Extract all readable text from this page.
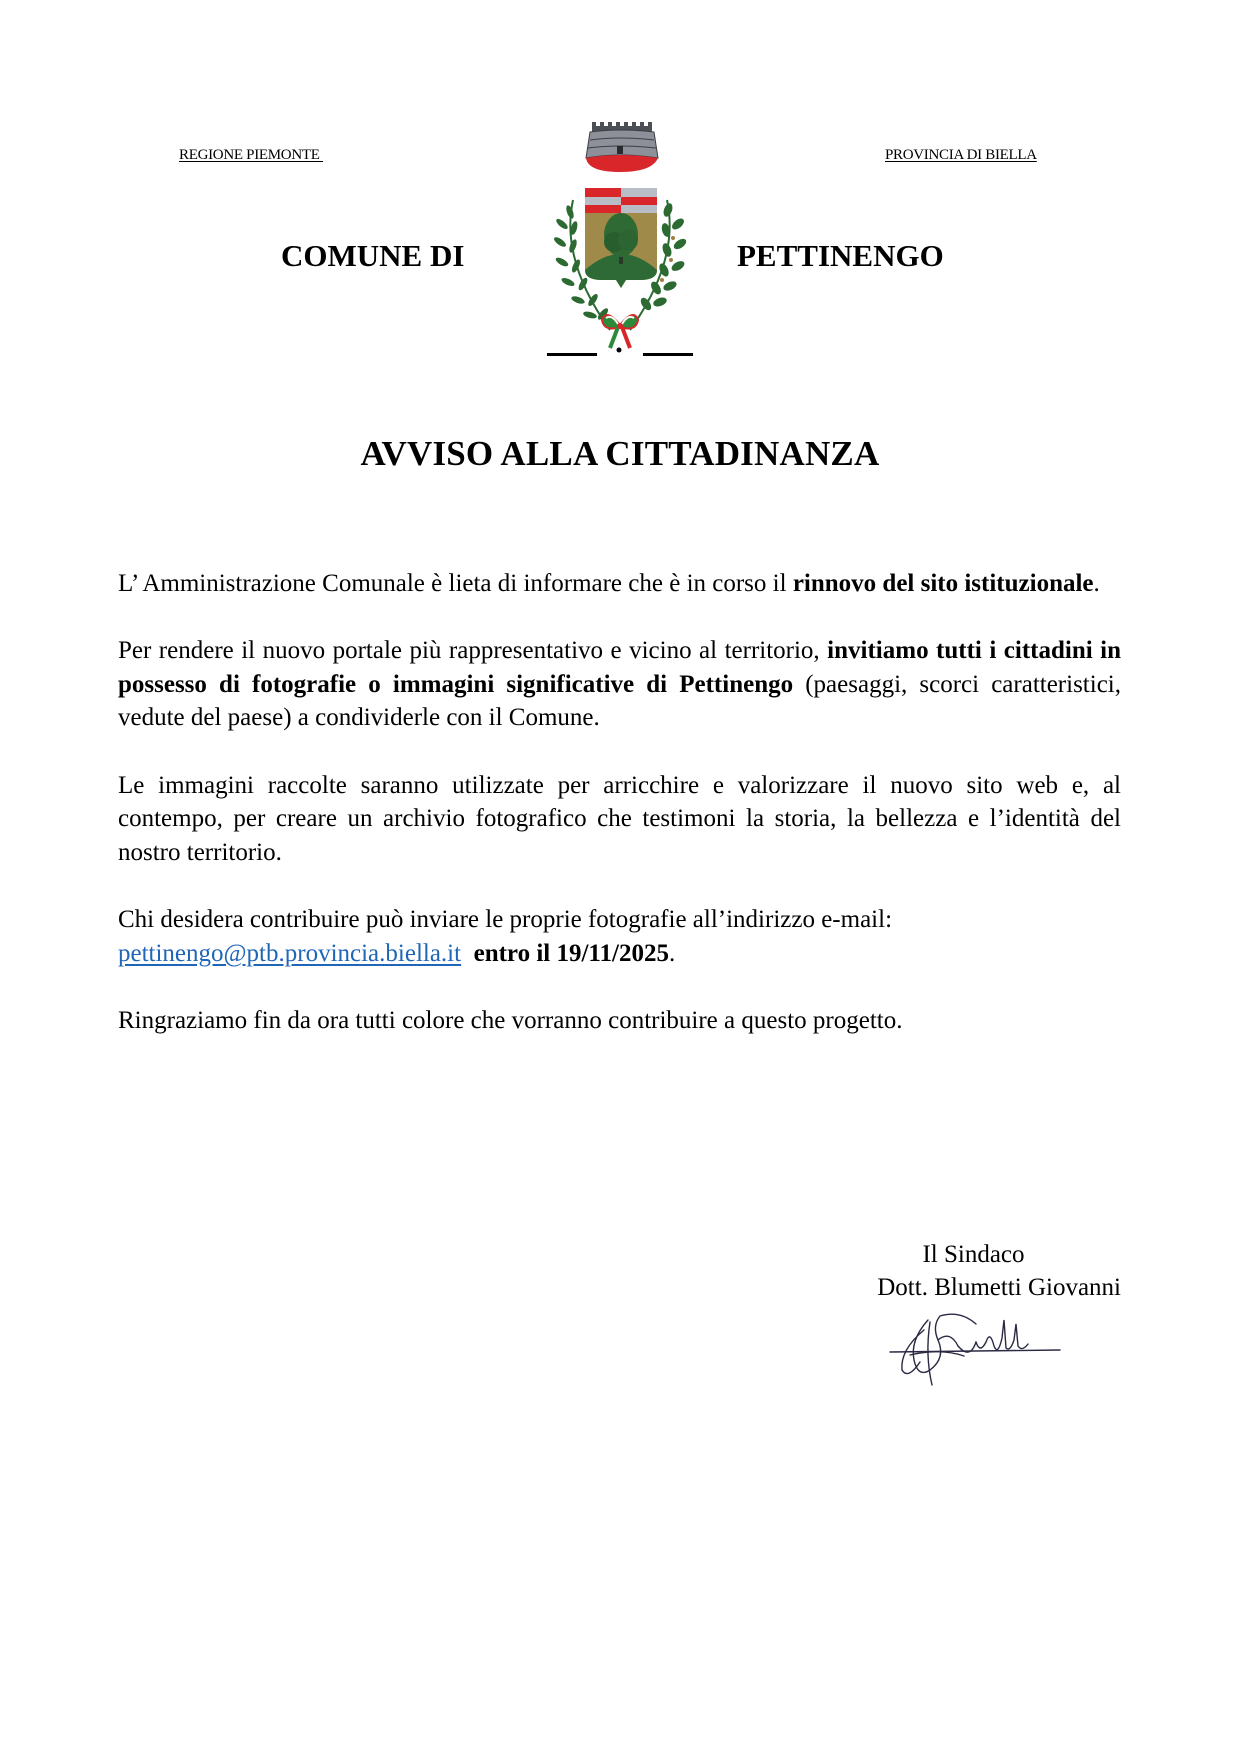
REGIONE PIEMONTE	PROVINCIA DI BIELLA
COMUNE DI	PETTINENGO
AVVISO ALLA CITTADINANZA

L’ Amministrazione Comunale è lieta di informare che è in corso il rinnovo del sito istituzionale.

Per rendere il nuovo portale più rappresentativo e vicino al territorio, invitiamo tutti i cittadini in possesso di fotografie o immagini significative di Pettinengo (paesaggi, scorci caratteristici, vedute del paese) a condividerle con il Comune.

Le immagini raccolte saranno utilizzate per arricchire e valorizzare il nuovo sito web e, al contempo, per creare un archivio fotografico che testimoni la storia, la bellezza e l’identità del nostro territorio.

Chi desidera contribuire può inviare le proprie fotografie all’indirizzo e-mail:
pettinengo@ptb.provincia.biella.it entro il 19/11/2025.

Ringraziamo fin da ora tutti colore che vorranno contribuire a questo progetto.

Il Sindaco
Dott. Blumetti Giovanni
